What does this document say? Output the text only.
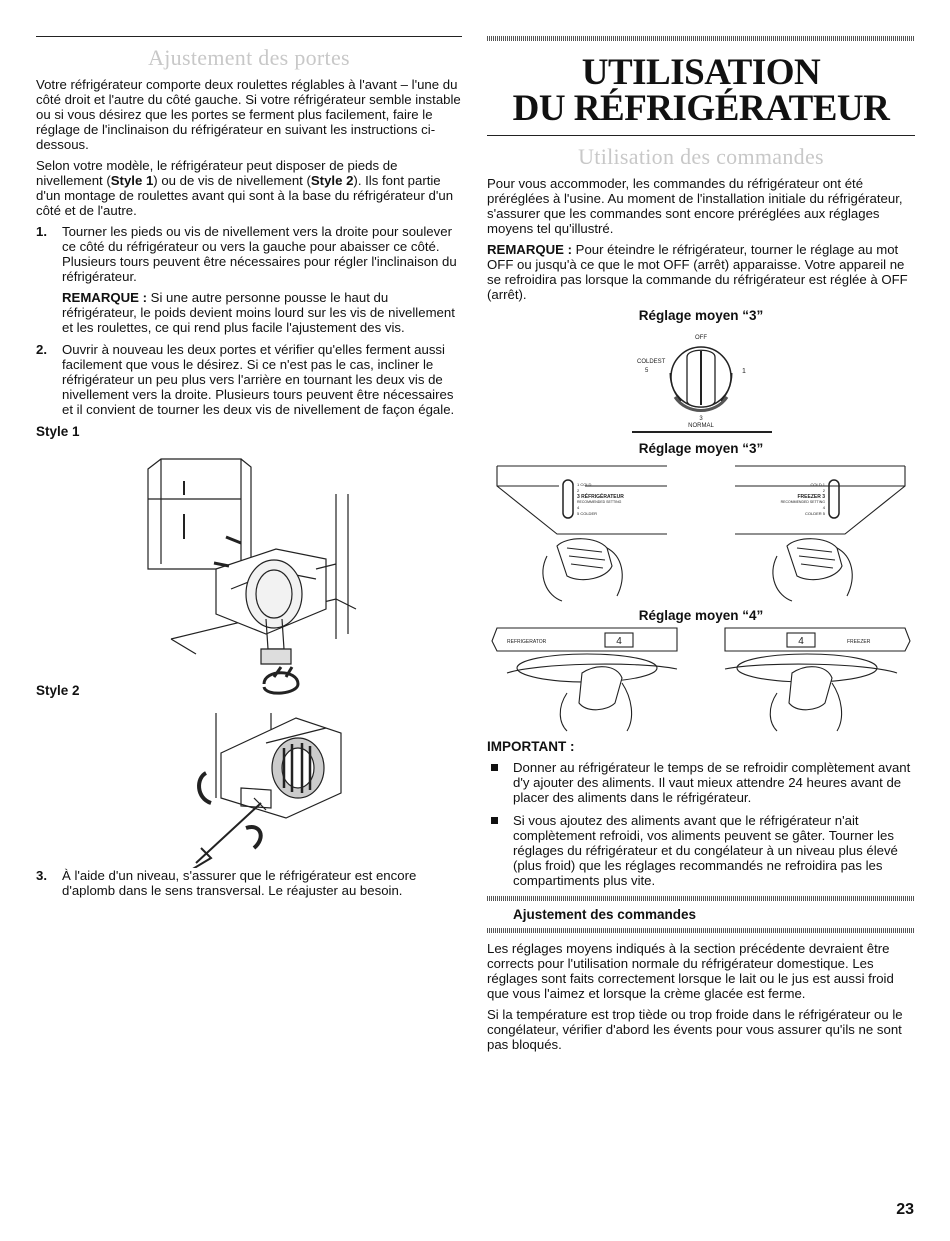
Ajustement des portes

Votre réfrigérateur comporte deux roulettes réglables à l'avant – l'une du côté droit et l'autre du côté gauche. Si votre réfrigérateur semble instable ou si vous désirez que les portes se ferment plus facilement, faire le réglage de l'inclinaison du réfrigérateur en suivant les instructions ci-dessous.

Selon votre modèle, le réfrigérateur peut disposer de pieds de nivellement (Style 1) ou de vis de nivellement (Style 2). Ils font partie d'un montage de roulettes avant qui sont à la base du réfrigérateur d'un côté et de l'autre.

1. Tourner les pieds ou vis de nivellement vers la droite pour soulever ce côté du réfrigérateur ou vers la gauche pour abaisser ce côté. Plusieurs tours peuvent être nécessaires pour régler l'inclinaison du réfrigérateur.
REMARQUE : Si une autre personne pousse le haut du réfrigérateur, le poids devient moins lourd sur les vis de nivellement et les roulettes, ce qui rend plus facile l'ajustement des vis.
2. Ouvrir à nouveau les deux portes et vérifier qu'elles ferment aussi facilement que vous le désirez. Si ce n'est pas le cas, incliner le réfrigérateur un peu plus vers l'arrière en tournant les deux vis de nivellement vers la droite. Plusieurs tours peuvent être nécessaires et il convient de tourner les deux vis de nivellement de façon égale.
Style 1
Style 2
3. À l'aide d'un niveau, s'assurer que le réfrigérateur est encore d'aplomb dans le sens transversal. Le réajuster au besoin.
UTILISATION
DU RÉFRIGÉRATEUR
Utilisation des commandes

Pour vous accommoder, les commandes du réfrigérateur ont été préréglées à l'usine. Au moment de l'installation initiale du réfrigérateur, s'assurer que les commandes sont encore préréglées aux réglages moyens tel qu'illustré.

REMARQUE : Pour éteindre le réfrigérateur, tourner le réglage au mot OFF ou jusqu'à ce que le mot OFF (arrêt) apparaisse. Votre appareil ne se refroidira pas lorsque la commande du réfrigérateur est réglée à OFF (arrêt).

Réglage moyen “3”
OFF
COLDEST
5	1
3
NORMAL
Réglage moyen “3”
1 COLD
2
3 RÉFRIGÉRATEUR
RECOMMENDED SETTING
4
5 COLDER
COLD 1
2
FREEZER 3
RECOMMENDED SETTING
4
COLDER 5
Réglage moyen “4”
REFRIGERATOR	4	FREEZER
4
IMPORTANT :
Donner au réfrigérateur le temps de se refroidir complètement avant d'y ajouter des aliments. Il vaut mieux attendre 24 heures avant de placer des aliments dans le réfrigérateur.
Si vous ajoutez des aliments avant que le réfrigérateur n'ait complètement refroidi, vos aliments peuvent se gâter. Tourner les réglages du réfrigérateur et du congélateur à un niveau plus élevé (plus froid) que les réglages recommandés ne refroidira pas les compartiments plus vite.
Ajustement des commandes

Les réglages moyens indiqués à la section précédente devraient être corrects pour l'utilisation normale du réfrigérateur domestique. Les réglages sont faits correctement lorsque le lait ou le jus est aussi froid que vous l'aimez et lorsque la crème glacée est ferme.

Si la température est trop tiède ou trop froide dans le réfrigérateur ou le congélateur, vérifier d'abord les évents pour vous assurer qu'ils ne sont pas bloqués.

23
